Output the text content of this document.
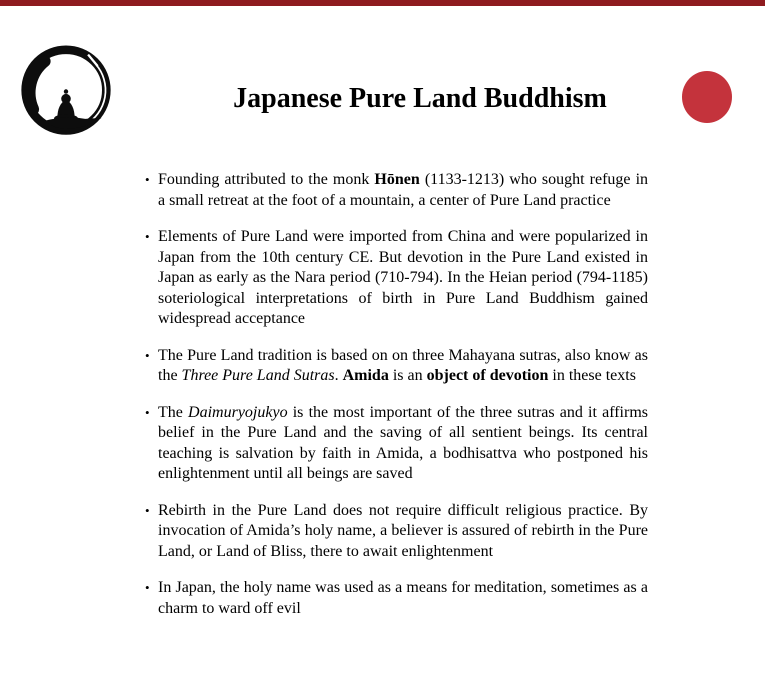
Japanese Pure Land Buddhism
• Founding attributed to the monk Hōnen (1133-1213) who sought refuge in a small retreat at the foot of a mountain, a center of Pure Land practice
• Elements of Pure Land were imported from China and were popularized in Japan from the 10th century CE. But devotion in the Pure Land existed in Japan as early as the Nara period (710-794). In the Heian period (794-1185) soteriological interpretations of birth in Pure Land Buddhism gained widespread acceptance
• The Pure Land tradition is based on on three Mahayana sutras, also know as the Three Pure Land Sutras. Amida is an object of devotion in these texts
• The Daimuryojukyo is the most important of the three sutras and it affirms belief in the Pure Land and the saving of all sentient beings. Its central teaching is salvation by faith in Amida, a bodhisattva who postponed his enlightenment until all beings are saved
• Rebirth in the Pure Land does not require difficult religious practice. By invocation of Amida’s holy name, a believer is assured of rebirth in the Pure Land, or Land of Bliss, there to await enlightenment
• In Japan, the holy name was used as a means for meditation, sometimes as a charm to ward off evil
